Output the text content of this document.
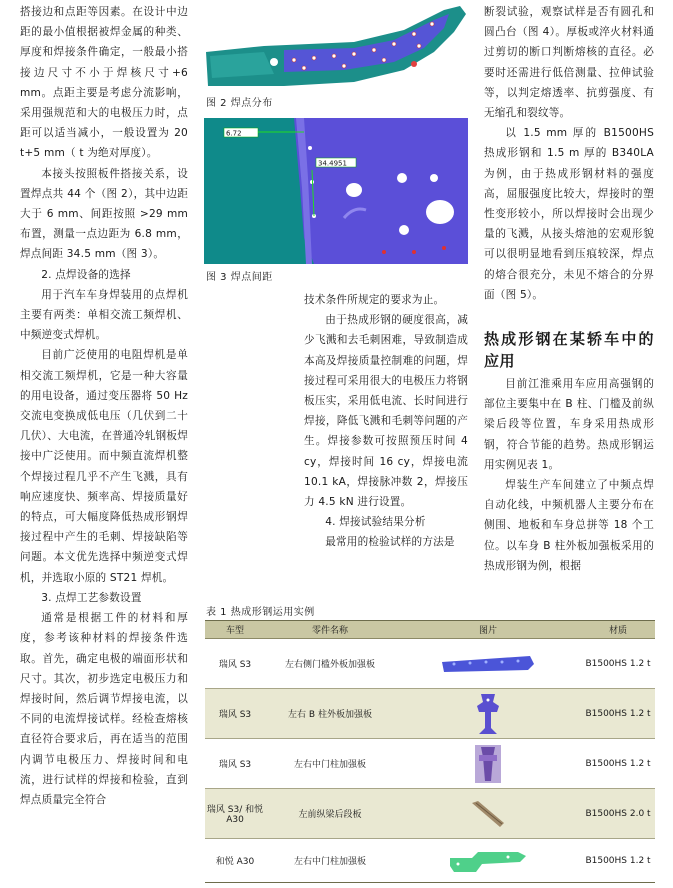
搭接边和点距等因素。在设计中边距的最小值根据被焊金属的种类、厚度和焊接条件确定，一般最小搭接边尺寸不小于焊核尺寸+6 mm。点距主要是考虑分流影响，采用强规范和大的电极压力时，点距可以适当减小，一般设置为 20 t+5 mm（ t 为绝对厚度）。

本接头按照板件搭接关系，设置焊点共 44 个（图 2），其中边距大于 6 mm、间距按照 >29 mm 布置，测量一点边距为 6.8 mm，焊点间距 34.5 mm（图 3）。

2. 点焊设备的选择

用于汽车车身焊装用的点焊机主要有两类：单相交流工频焊机、中频逆变式焊机。

目前广泛使用的电阻焊机是单相交流工频焊机，它是一种大容量的用电设备，通过变压器将 50 Hz 交流电变换成低电压（几伏到二十几伏）、大电流，在普通冷轧钢板焊接中广泛使用。而中频直流焊机整个焊接过程几乎不产生飞溅，具有响应速度快、频率高、焊接质量好的特点，可大幅度降低热成形钢焊接过程中产生的毛刺、焊接缺陷等问题。本文优先选择中频逆变式焊机，并选取小原的 ST21 焊机。

3. 点焊工艺参数设置

通常是根据工件的材料和厚度，参考该种材料的焊接条件选取。首先，确定电极的端面形状和尺寸。其次，初步选定电极压力和焊接时间，然后调节焊接电流，以不同的电流焊接试样。经检查熔核直径符合要求后，再在适当的范围内调节电极压力、焊接时间和电流，进行试样的焊接和检验，直到焊点质量完全符合

图 2 焊点分布
6.72
34.4951
图 3 焊点间距

技术条件所规定的要求为止。

由于热成形钢的硬度很高，减少飞溅和去毛刺困难，导致制造成本高及焊接质量控制难的问题，焊接过程可采用很大的电极压力将钢板压实，采用低电流、长时间进行焊接，降低飞溅和毛刺等问题的产生。焊接参数可按照预压时间 4 cy，焊接时间 16 cy，焊接电流 10.1 kA，焊接脉冲数 2，焊接压力 4.5 kN 进行设置。

4. 焊接试验结果分析

最常用的检验试样的方法是

断裂试验，观察试样是否有圆孔和圆凸台（图 4）。厚板或淬火材料通过剪切的断口判断熔核的直径。必要时还需进行低倍测量、拉伸试验等，以判定熔透率、抗剪强度、有无缩孔和裂纹等。

以 1.5 mm 厚的 B1500HS 热成形钢和 1.5 m 厚的 B340LA 为例，由于热成形钢材料的强度高，屈服强度比较大，焊接时的塑性变形较小，所以焊接时会出现少量的飞溅，从接头熔池的宏观形貌可以很明显地看到压痕较深，焊点的熔合很充分，未见不熔合的分界面（图 5）。

热成形钢在某轿车中的应用

目前江淮乘用车应用高强钢的部位主要集中在 B 柱、门槛及前纵梁后段等位置，车身采用热成形钢，符合节能的趋势。热成形钢运用实例见表 1。

焊装生产车间建立了中频点焊自动化线，中频机器人主要分布在侧围、地板和车身总拼等 18 个工位。以车身 B 柱外板加强板采用的热成形钢为例，根据

表 1 热成形钢运用实例
车型	零件名称	图片	材质
瑞风 S3	左右侧门槛外板加强板		B1500HS 1.2 t
瑞风 S3	左右 B 柱外板加强板		B1500HS 1.2 t
瑞风 S3	左右中门柱加强板		B1500HS 1.2 t
瑞风 S3/ 和悦 A30	左前纵梁后段板		B1500HS 2.0 t
和悦 A30	左右中门柱加强板		B1500HS 1.2 t
